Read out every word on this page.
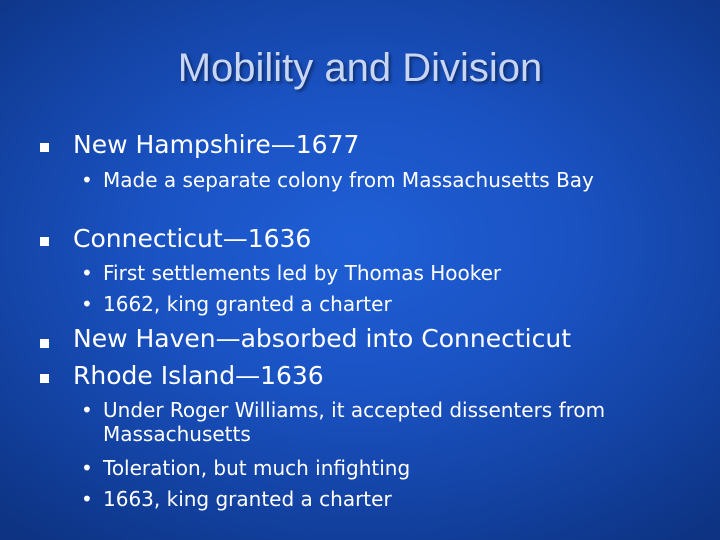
Mobility and Division
New Hampshire—1677
• Made a separate colony from Massachusetts Bay
Connecticut—1636
• First settlements led by Thomas Hooker
• 1662, king granted a charter
New Haven—absorbed into Connecticut
Rhode Island—1636
• Under Roger Williams, it accepted dissenters from Massachusetts
• Toleration, but much infighting
• 1663, king granted a charter
